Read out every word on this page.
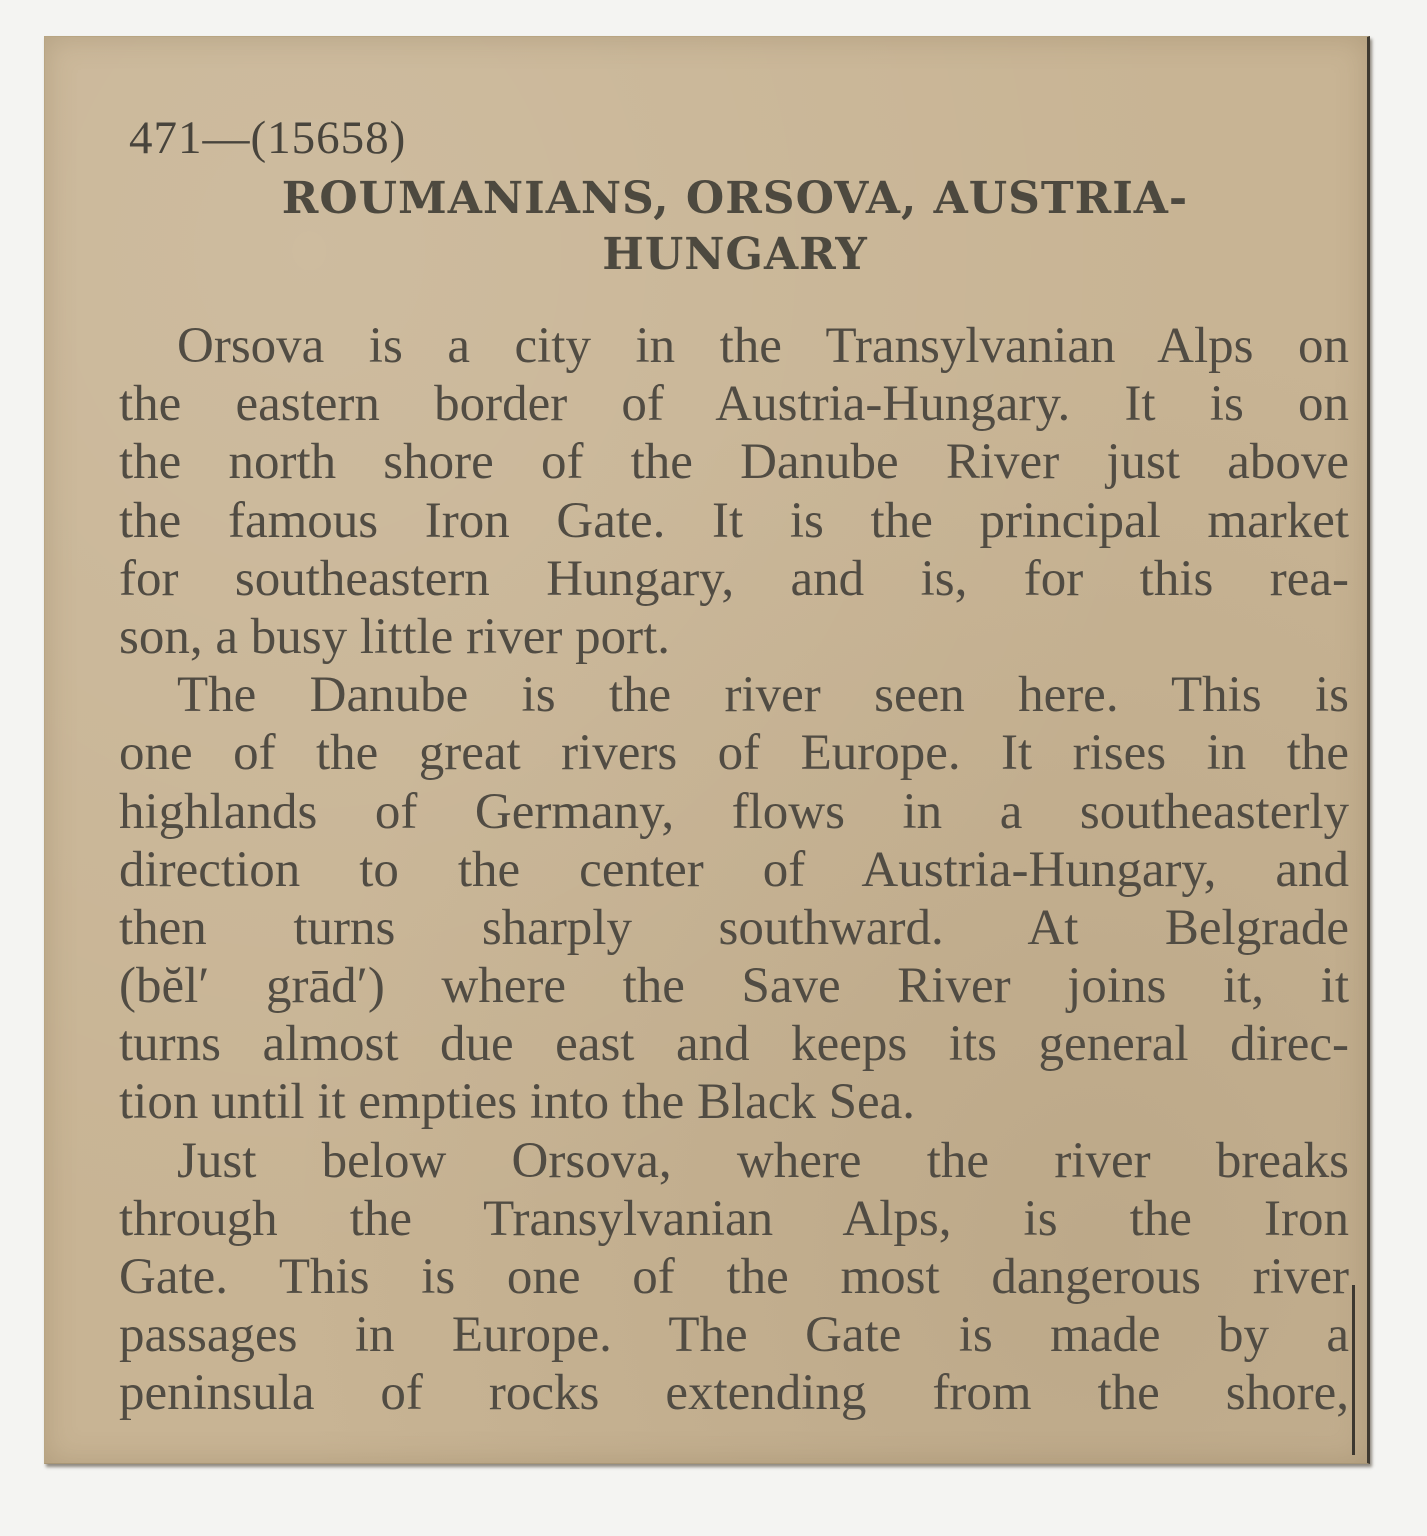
471—(15658)
ROUMANIANS, ORSOVA, AUSTRIA-
HUNGARY
Orsova is a city in the Transylvanian Alps on
the eastern border of Austria-Hungary. It is on
the north shore of the Danube River just above
the famous Iron Gate. It is the principal market
for southeastern Hungary, and is, for this rea-
son, a busy little river port.
The Danube is the river seen here. This is
one of the great rivers of Europe. It rises in the
highlands of Germany, flows in a southeasterly
direction to the center of Austria-Hungary, and
then turns sharply southward. At Belgrade
(bĕl′ grād′) where the Save River joins it, it
turns almost due east and keeps its general direc-
tion until it empties into the Black Sea.
Just below Orsova, where the river breaks
through the Transylvanian Alps, is the Iron
Gate. This is one of the most dangerous river
passages in Europe. The Gate is made by a
peninsula of rocks extending from the shore,
